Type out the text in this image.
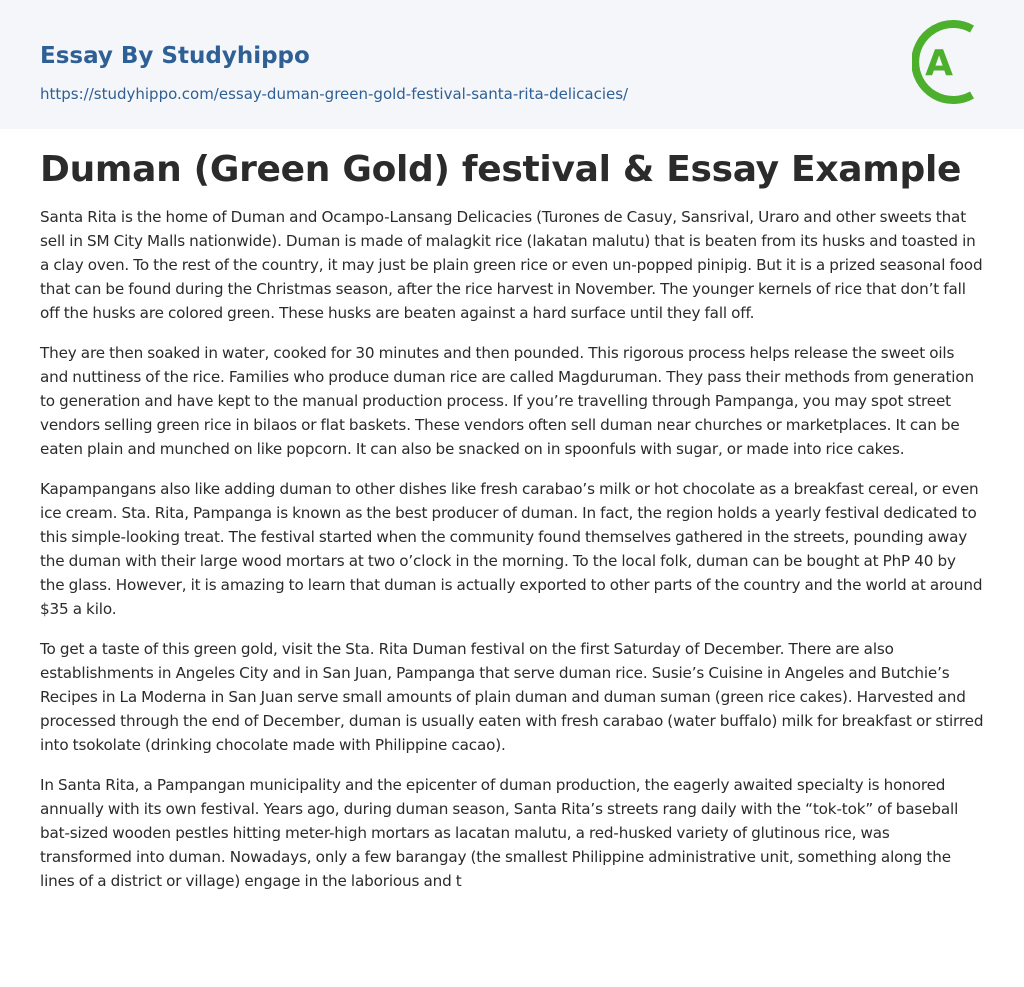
Essay By Studyhippo
https://studyhippo.com/essay-duman-green-gold-festival-santa-rita-delicacies/
A
Duman (Green Gold) festival & Essay Example

Santa Rita is the home of Duman and Ocampo-Lansang Delicacies (Turones de Casuy, Sansrival, Uraro and other sweets that sell in SM City Malls nationwide). Duman is made of malagkit rice (lakatan malutu) that is beaten from its husks and toasted in a clay oven. To the rest of the country, it may just be plain green rice or even un-popped pinipig. But it is a prized seasonal food that can be found during the Christmas season, after the rice harvest in November. The younger kernels of rice that don’t fall off the husks are colored green. These husks are beaten against a hard surface until they fall off.

They are then soaked in water, cooked for 30 minutes and then pounded. This rigorous process helps release the sweet oils and nuttiness of the rice. Families who produce duman rice are called Magduruman. They pass their methods from generation to generation and have kept to the manual production process. If you’re travelling through Pampanga, you may spot street vendors selling green rice in bilaos or flat baskets. These vendors often sell duman near churches or marketplaces. It can be eaten plain and munched on like popcorn. It can also be snacked on in spoonfuls with sugar, or made into rice cakes.

Kapampangans also like adding duman to other dishes like fresh carabao’s milk or hot chocolate as a breakfast cereal, or even ice cream. Sta. Rita, Pampanga is known as the best producer of duman. In fact, the region holds a yearly festival dedicated to this simple-looking treat. The festival started when the community found themselves gathered in the streets, pounding away the duman with their large wood mortars at two o’clock in the morning. To the local folk, duman can be bought at PhP 40 by the glass. However, it is amazing to learn that duman is actually exported to other parts of the country and the world at around $35 a kilo.

To get a taste of this green gold, visit the Sta. Rita Duman festival on the first Saturday of December. There are also establishments in Angeles City and in San Juan, Pampanga that serve duman rice. Susie’s Cuisine in Angeles and Butchie’s Recipes in La Moderna in San Juan serve small amounts of plain duman and duman suman (green rice cakes). Harvested and processed through the end of December, duman is usually eaten with fresh carabao (water buffalo) milk for breakfast or stirred into tsokolate (drinking chocolate made with Philippine cacao).

In Santa Rita, a Pampangan municipality and the epicenter of duman production, the eagerly awaited specialty is honored annually with its own festival. Years ago, during duman season, Santa Rita’s streets rang daily with the “tok-tok” of baseball bat-sized wooden pestles hitting meter-high mortars as lacatan malutu, a red-husked variety of glutinous rice, was transformed into duman. Nowadays, only a few barangay (the smallest Philippine administrative unit, something along the lines of a district or village) engage in the laborious and t
